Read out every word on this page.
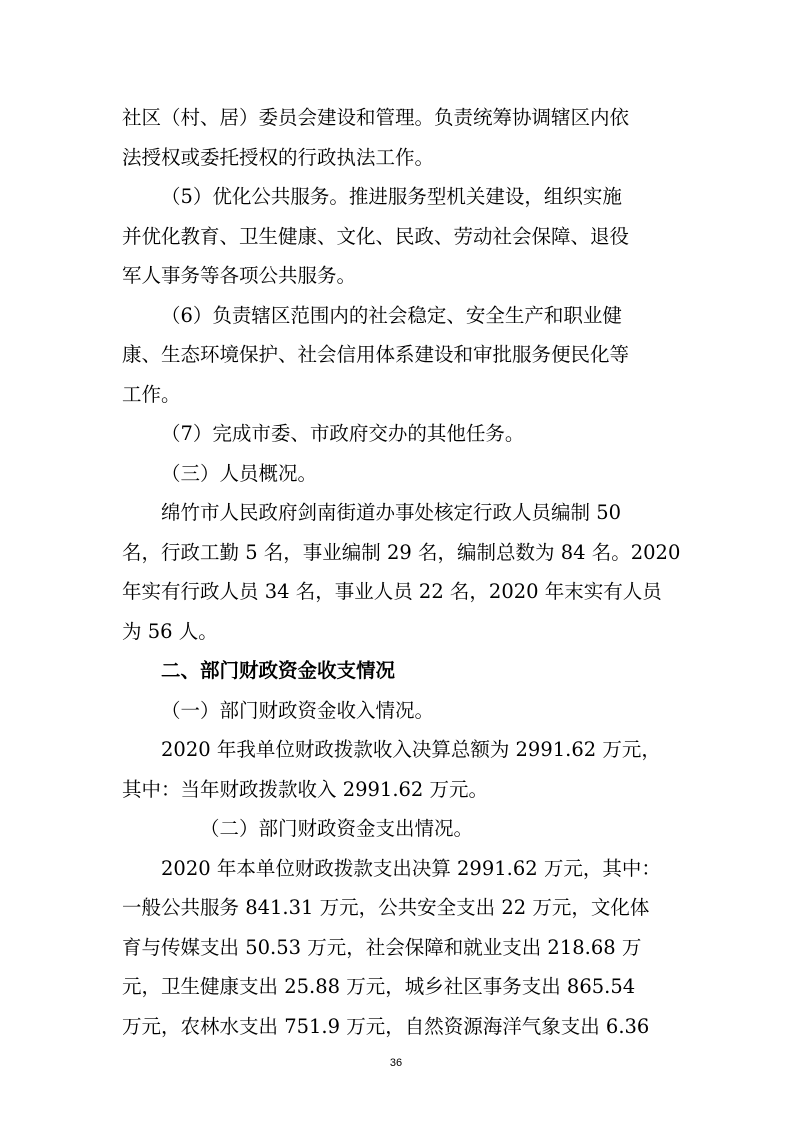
社区（村、居）委员会建设和管理。负责统筹协调辖区内依
法授权或委托授权的行政执法工作。
（5）优化公共服务。推进服务型机关建设，组织实施
并优化教育、卫生健康、文化、民政、劳动社会保障、退役
军人事务等各项公共服务。
（6）负责辖区范围内的社会稳定、安全生产和职业健
康、生态环境保护、社会信用体系建设和审批服务便民化等
工作。
（7）完成市委、市政府交办的其他任务。
（三）人员概况。
绵竹市人民政府剑南街道办事处核定行政人员编制 50
名，行政工勤 5 名，事业编制 29 名，编制总数为 84 名。2020
年实有行政人员 34 名，事业人员 22 名，2020 年末实有人员
为 56 人。
二、部门财政资金收支情况
（一）部门财政资金收入情况。
2020 年我单位财政拨款收入决算总额为 2991.62 万元，
其中：当年财政拨款收入 2991.62 万元。
（二）部门财政资金支出情况。
2020 年本单位财政拨款支出决算 2991.62 万元，其中：
一般公共服务 841.31 万元，公共安全支出 22 万元，文化体
育与传媒支出 50.53 万元，社会保障和就业支出 218.68 万
元，卫生健康支出 25.88 万元，城乡社区事务支出 865.54
万元，农林水支出 751.9 万元，自然资源海洋气象支出 6.36
36
